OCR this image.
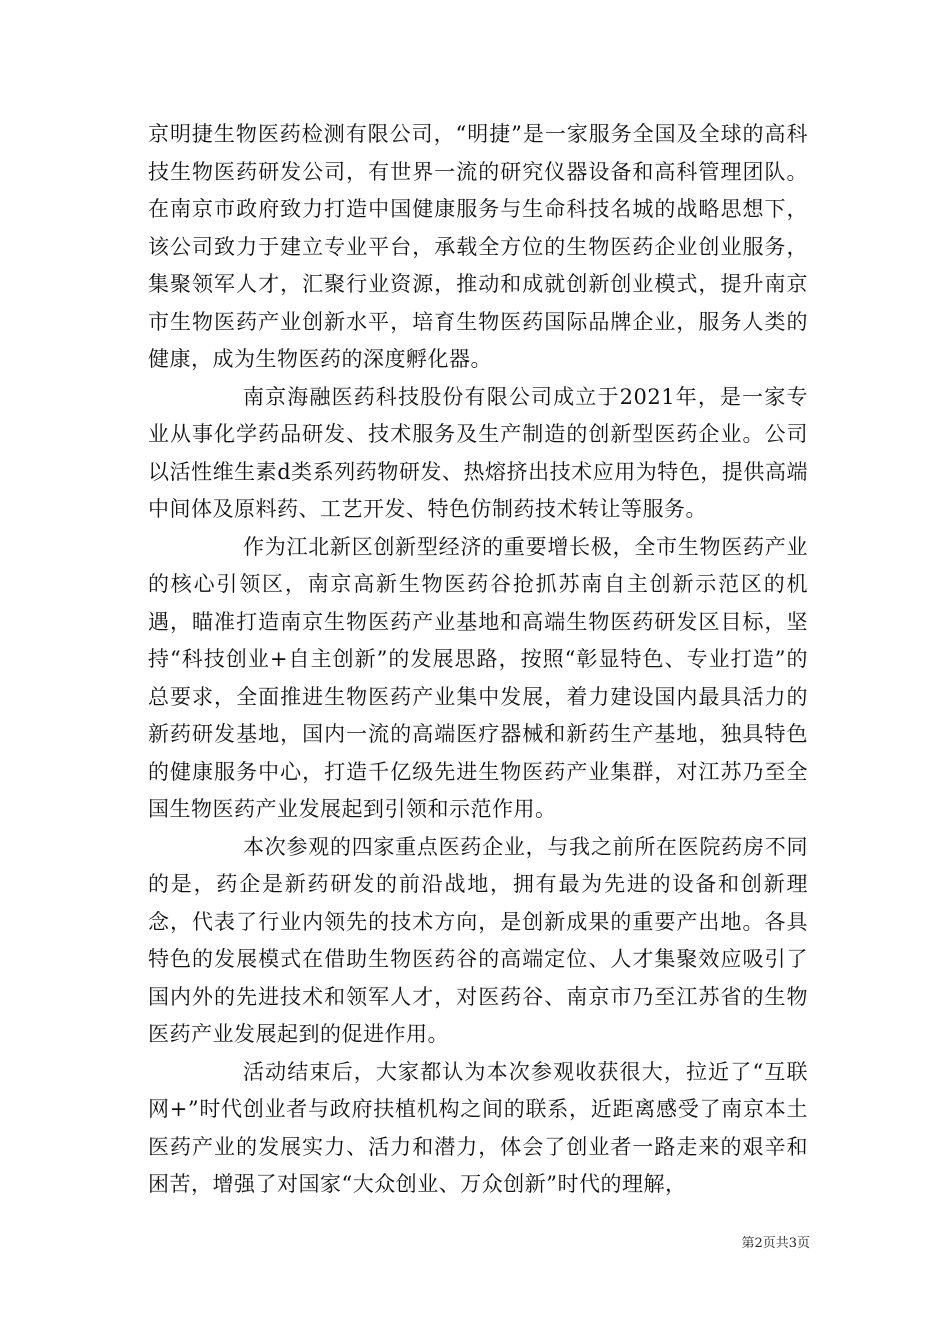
京明捷生物医药检测有限公司，“明捷”是一家服务全国及全球的高科技生物医药研发公司，有世界一流的研究仪器设备和高科管理团队。在南京市政府致力打造中国健康服务与生命科技名城的战略思想下，该公司致力于建立专业平台，承载全方位的生物医药企业创业服务，集聚领军人才，汇聚行业资源，推动和成就创新创业模式，提升南京市生物医药产业创新水平，培育生物医药国际品牌企业，服务人类的健康，成为生物医药的深度孵化器。

南京海融医药科技股份有限公司成立于2021年，是一家专业从事化学药品研发、技术服务及生产制造的创新型医药企业。公司以活性维生素d类系列药物研发、热熔挤出技术应用为特色，提供高端中间体及原料药、工艺开发、特色仿制药技术转让等服务。

作为江北新区创新型经济的重要增长极，全市生物医药产业的核心引领区，南京高新生物医药谷抢抓苏南自主创新示范区的机遇，瞄准打造南京生物医药产业基地和高端生物医药研发区目标，坚持“科技创业+自主创新”的发展思路，按照“彰显特色、专业打造”的总要求，全面推进生物医药产业集中发展，着力建设国内最具活力的新药研发基地，国内一流的高端医疗器械和新药生产基地，独具特色的健康服务中心，打造千亿级先进生物医药产业集群，对江苏乃至全国生物医药产业发展起到引领和示范作用。

本次参观的四家重点医药企业，与我之前所在医院药房不同的是，药企是新药研发的前沿战地，拥有最为先进的设备和创新理念，代表了行业内领先的技术方向，是创新成果的重要产出地。各具特色的发展模式在借助生物医药谷的高端定位、人才集聚效应吸引了国内外的先进技术和领军人才，对医药谷、南京市乃至江苏省的生物医药产业发展起到的促进作用。

活动结束后，大家都认为本次参观收获很大，拉近了“互联网+”时代创业者与政府扶植机构之间的联系，近距离感受了南京本土医药产业的发展实力、活力和潜力，体会了创业者一路走来的艰辛和困苦，增强了对国家“大众创业、万众创新”时代的理解，

第2页共3页
